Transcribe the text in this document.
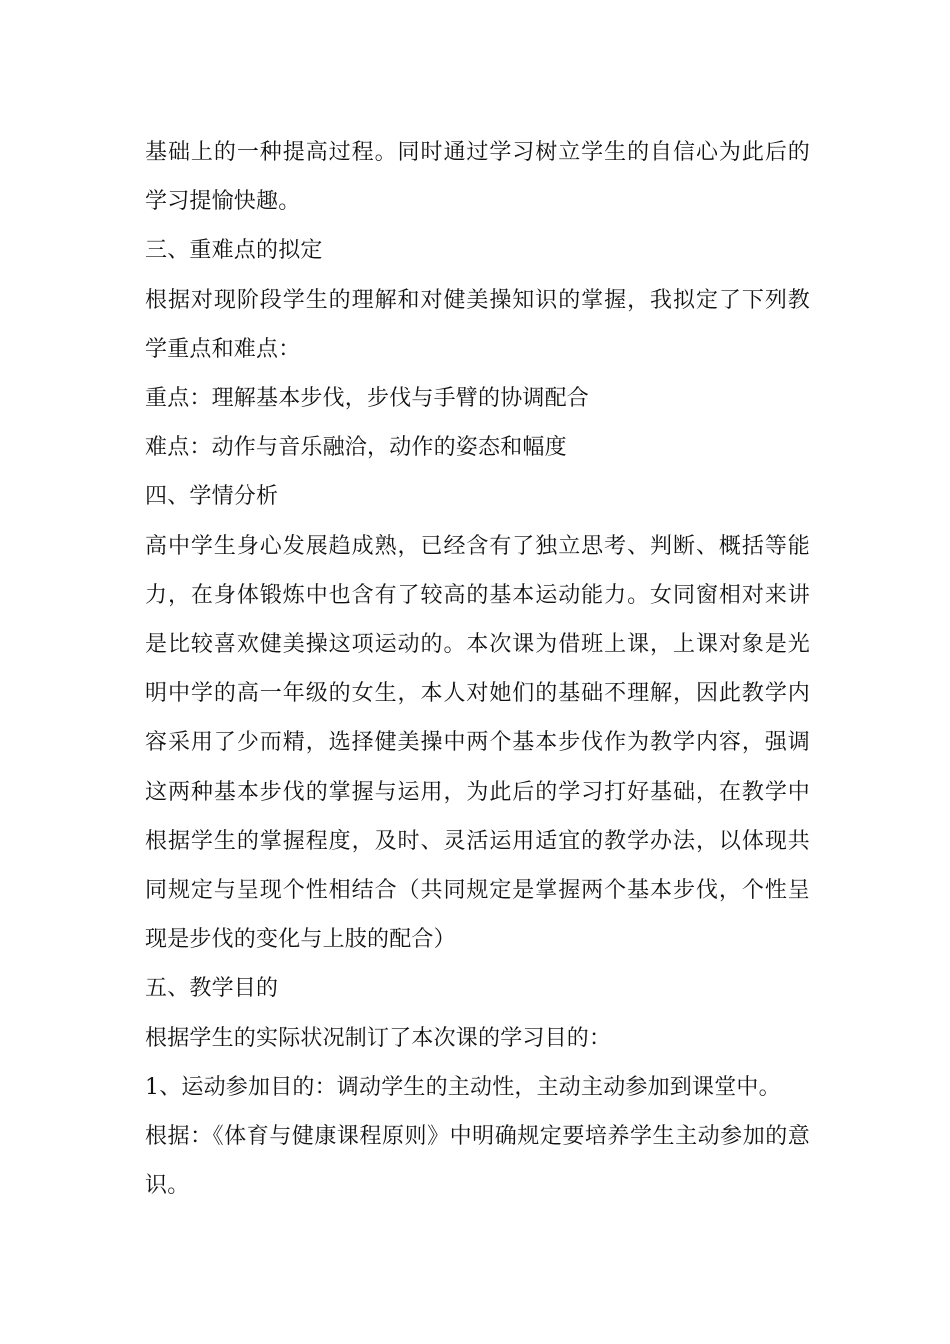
基础上的一种提高过程。同时通过学习树立学生的自信心为此后的学习提愉快趣。

三、重难点的拟定

根据对现阶段学生的理解和对健美操知识的掌握，我拟定了下列教学重点和难点：

重点：理解基本步伐，步伐与手臂的协调配合

难点：动作与音乐融洽，动作的姿态和幅度

四、学情分析

高中学生身心发展趋成熟，已经含有了独立思考、判断、概括等能力，在身体锻炼中也含有了较高的基本运动能力。女同窗相对来讲是比较喜欢健美操这项运动的。本次课为借班上课，上课对象是光明中学的高一年级的女生，本人对她们的基础不理解，因此教学内容采用了少而精，选择健美操中两个基本步伐作为教学内容，强调这两种基本步伐的掌握与运用，为此后的学习打好基础，在教学中根据学生的掌握程度，及时、灵活运用适宜的教学办法，以体现共同规定与呈现个性相结合（共同规定是掌握两个基本步伐，个性呈现是步伐的变化与上肢的配合）

五、教学目的

根据学生的实际状况制订了本次课的学习目的：

1、运动参加目的：调动学生的主动性，主动主动参加到课堂中。

根据：《体育与健康课程原则》中明确规定要培养学生主动参加的意识。
